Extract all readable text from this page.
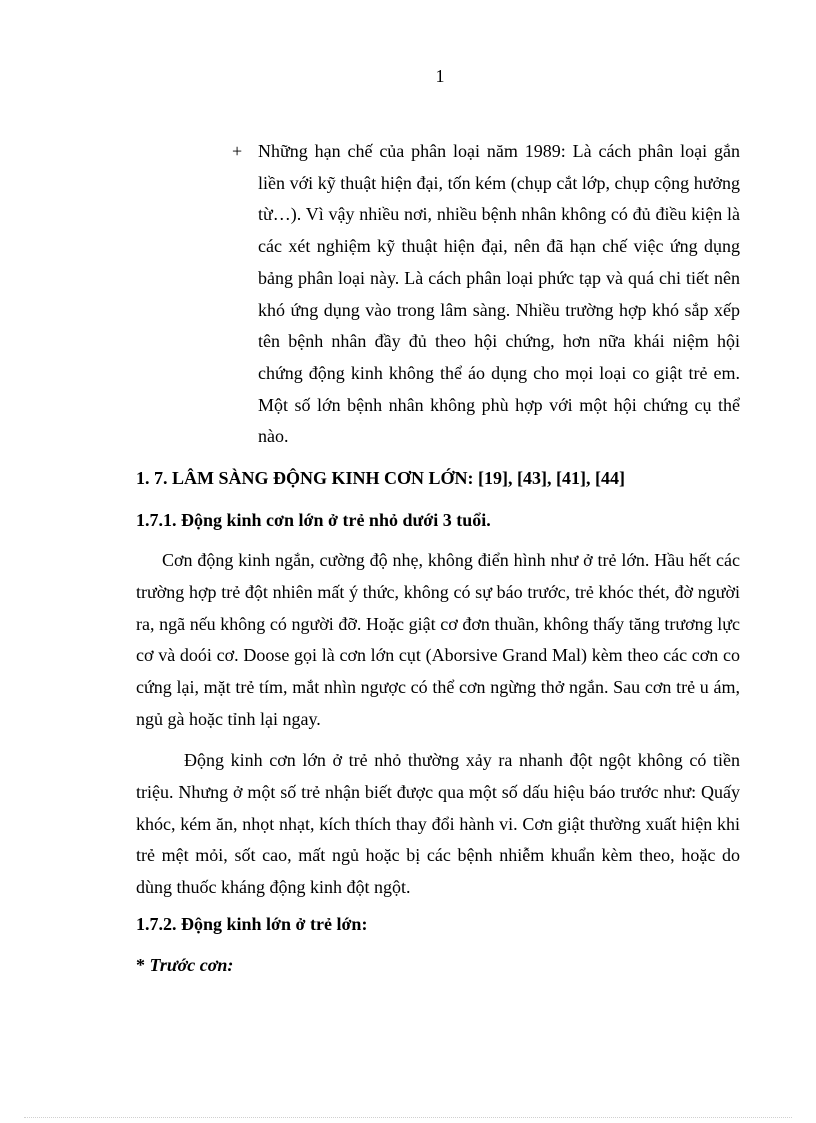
1
+ Những hạn chế của phân loại năm 1989: Là cách phân loại gắn liền với kỹ thuật hiện đại, tốn kém (chụp cắt lớp, chụp cộng hưởng từ…). Vì vậy nhiều nơi, nhiều bệnh nhân không có đủ điều kiện là các xét nghiệm kỹ thuật hiện đại, nên đã hạn chế việc ứng dụng bảng phân loại này. Là cách phân loại phức tạp và quá chi tiết nên khó ứng dụng vào trong lâm sàng. Nhiều trường hợp khó sắp xếp tên bệnh nhân đầy đủ theo hội chứng, hơn nữa khái niệm hội chứng động kinh không thể áo dụng cho mọi loại co giật trẻ em. Một số lớn bệnh nhân không phù hợp với một hội chứng cụ thể nào.

1. 7. LÂM SÀNG ĐỘNG KINH CƠN LỚN: [19], [43], [41], [44]
1.7.1. Động kinh cơn lớn ở trẻ nhỏ dưới 3 tuổi.

Cơn động kinh ngắn, cường độ nhẹ, không điển hình như ở trẻ lớn. Hầu hết các trường hợp trẻ đột nhiên mất ý thức, không có sự báo trước, trẻ khóc thét, đờ người ra, ngã nếu không có người đỡ. Hoặc giật cơ đơn thuần, không thấy tăng trương lực cơ và doói cơ. Doose gọi là cơn lớn cụt (Aborsive Grand Mal) kèm theo các cơn co cứng lại, mặt trẻ tím, mắt nhìn ngược có thể cơn ngừng thở ngắn. Sau cơn trẻ u ám, ngủ gà hoặc tỉnh lại ngay.

Động kinh cơn lớn ở trẻ nhỏ thường xảy ra nhanh đột ngột không có tiền triệu. Nhưng ở một số trẻ nhận biết được qua một số dấu hiệu báo trước như: Quấy khóc, kém ăn, nhọt nhạt, kích thích thay đổi hành vi. Cơn giật thường xuất hiện khi trẻ mệt mỏi, sốt cao, mất ngủ hoặc bị các bệnh nhiễm khuẩn kèm theo, hoặc do dùng thuốc kháng động kinh đột ngột.

1.7.2. Động kinh lớn ở trẻ lớn:

* Trước cơn:
